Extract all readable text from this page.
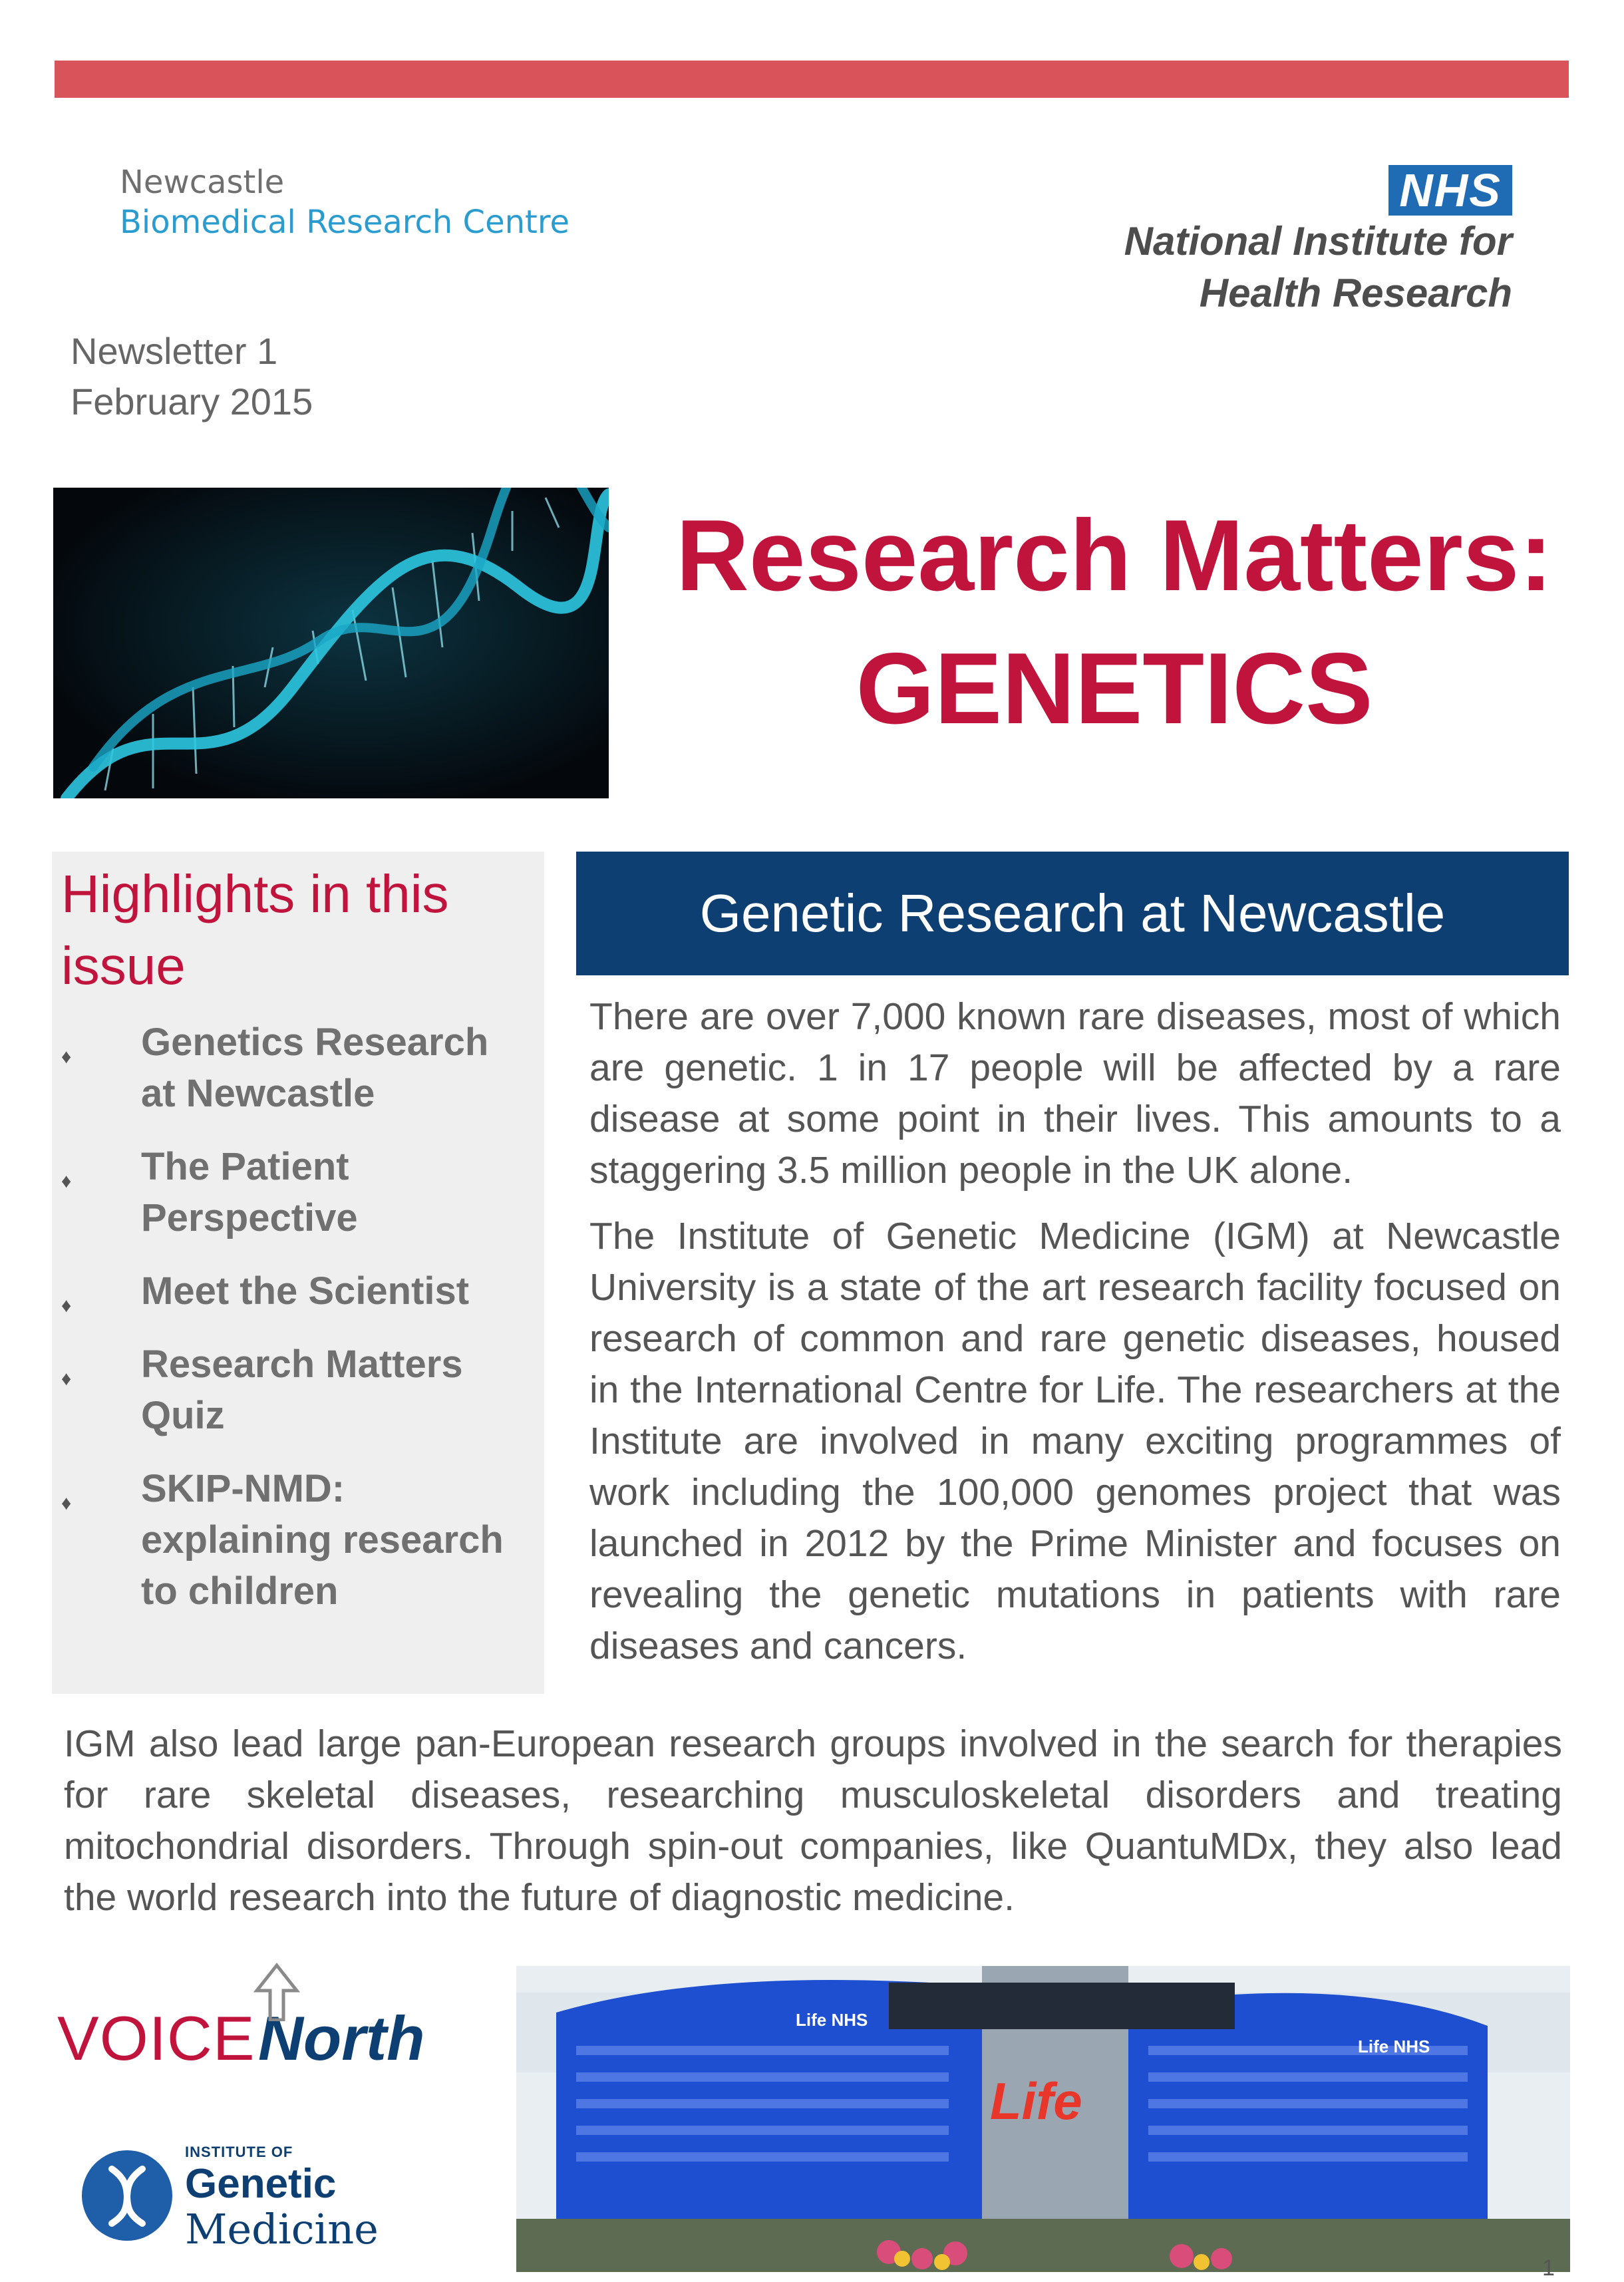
Newcastle
Biomedical Research Centre
NHS
National Institute for
Health Research
Newsletter 1
February 2015
Research Matters:
GENETICS
Highlights in this issue
♦ Genetics Research at Newcastle
♦ The Patient Perspective
♦ Meet the Scientist
♦ Research Matters Quiz
♦ SKIP-NMD: explaining research to children
Genetic Research at Newcastle

There are over 7,000 known rare diseases, most of which are genetic. 1 in 17 people will be affected by a rare disease at some point in their lives. This amounts to a staggering 3.5 million people in the UK alone.

The Institute of Genetic Medicine (IGM) at Newcastle University is a state of the art research facility focused on research of common and rare genetic diseases, housed in the International Centre for Life. The researchers at the Institute are involved in many exciting programmes of work including the 100,000 genomes project that was launched in 2012 by the Prime Minister and focuses on revealing the genetic mutations in patients with rare diseases and cancers.

IGM also lead large pan-European research groups involved in the search for therapies for rare skeletal diseases, researching musculoskeletal disorders and treating mitochondrial disorders. Through spin-out companies, like QuantuMDx, they also lead the world research into the future of diagnostic medicine.

VOICE North
INSTITUTE OF
Genetic
Medicine
Life NHS
Life NHS
Life
1
